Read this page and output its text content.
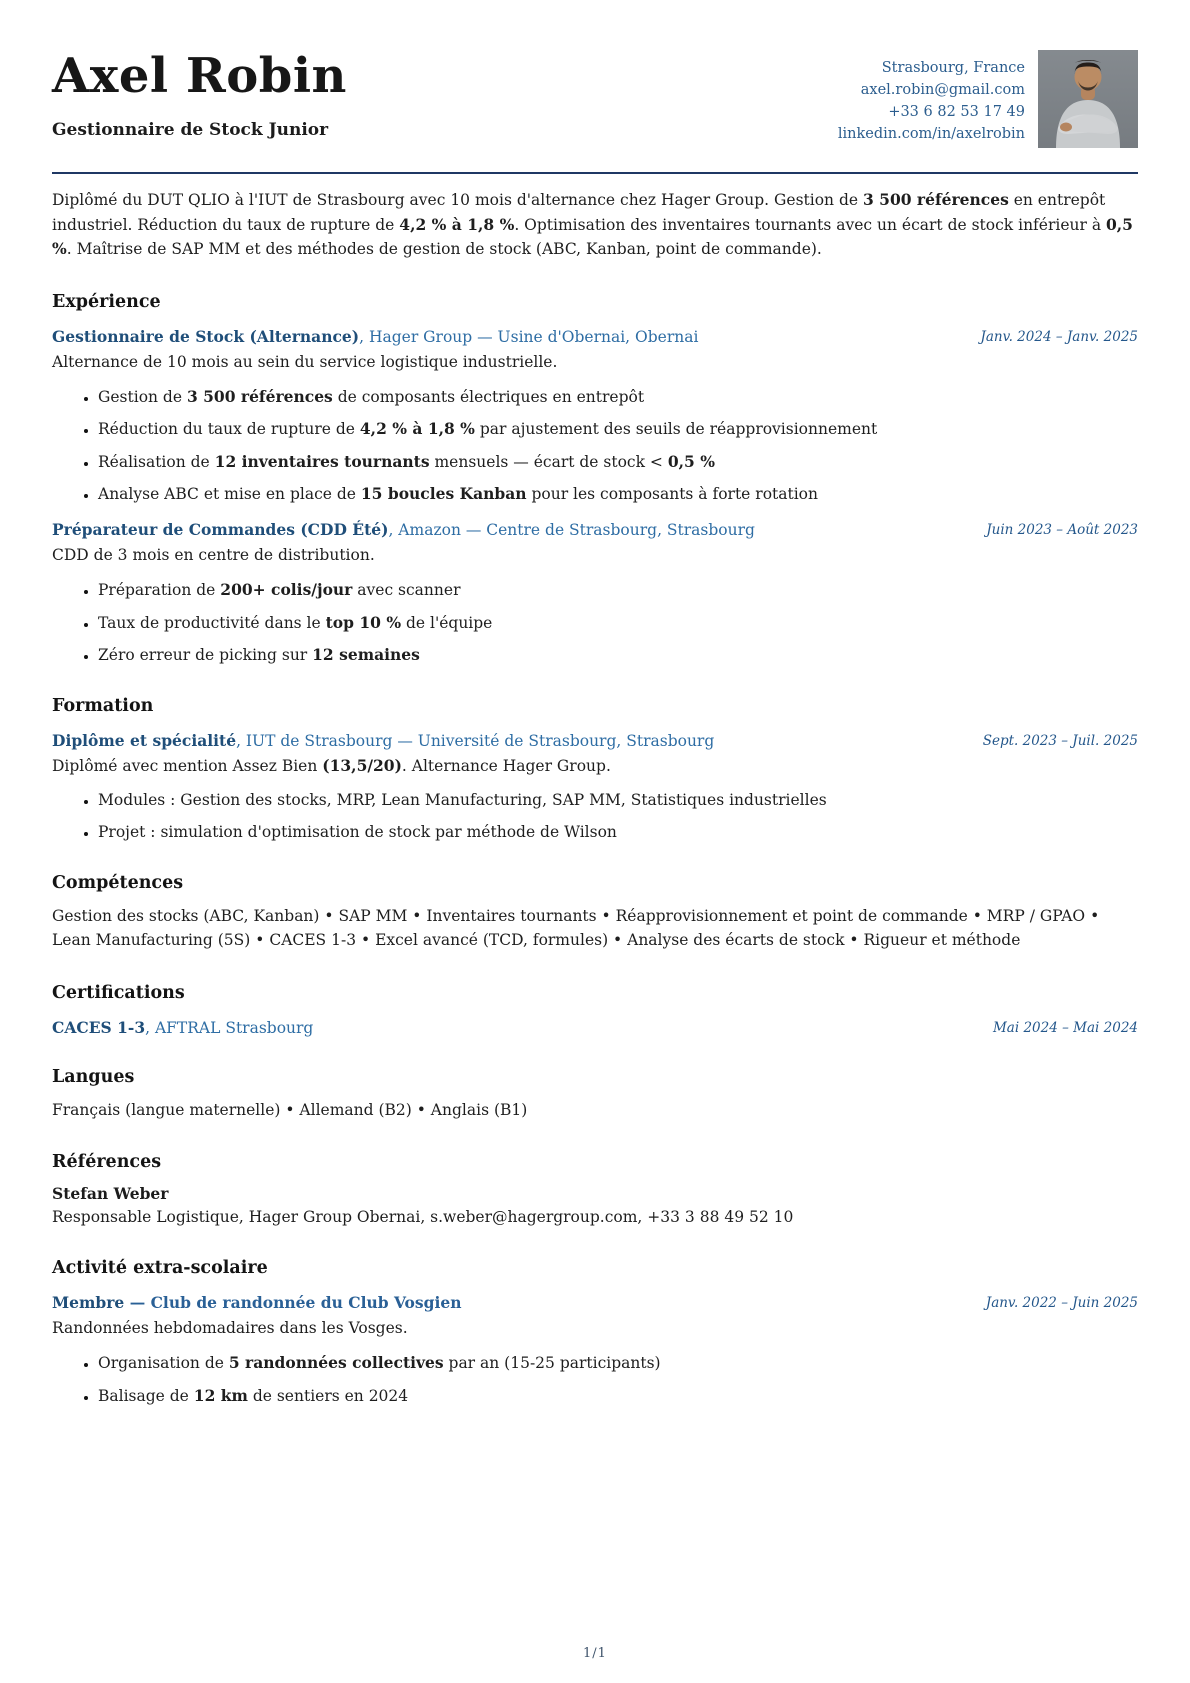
Axel Robin
Gestionnaire de Stock Junior
Strasbourg, France
axel.robin@gmail.com
+33 6 82 53 17 49
linkedin.com/in/axelrobin

Diplômé du DUT QLIO à l'IUT de Strasbourg avec 10 mois d'alternance chez Hager Group. Gestion de 3 500 références en entrepôt industriel. Réduction du taux de rupture de 4,2 % à 1,8 %. Optimisation des inventaires tournants avec un écart de stock inférieur à 0,5 %. Maîtrise de SAP MM et des méthodes de gestion de stock (ABC, Kanban, point de commande).

Expérience
Gestionnaire de Stock (Alternance), Hager Group — Usine d'Obernai, Obernai	Janv. 2024 – Janv. 2025
Alternance de 10 mois au sein du service logistique industrielle.
• Gestion de 3 500 références de composants électriques en entrepôt
• Réduction du taux de rupture de 4,2 % à 1,8 % par ajustement des seuils de réapprovisionnement
• Réalisation de 12 inventaires tournants mensuels — écart de stock < 0,5 %
• Analyse ABC et mise en place de 15 boucles Kanban pour les composants à forte rotation
Préparateur de Commandes (CDD Été), Amazon — Centre de Strasbourg, Strasbourg	Juin 2023 – Août 2023
CDD de 3 mois en centre de distribution.
• Préparation de 200+ colis/jour avec scanner
• Taux de productivité dans le top 10 % de l'équipe
• Zéro erreur de picking sur 12 semaines
Formation
Diplôme et spécialité, IUT de Strasbourg — Université de Strasbourg, Strasbourg	Sept. 2023 – Juil. 2025
Diplômé avec mention Assez Bien (13,5/20). Alternance Hager Group.
• Modules : Gestion des stocks, MRP, Lean Manufacturing, SAP MM, Statistiques industrielles
• Projet : simulation d'optimisation de stock par méthode de Wilson
Compétences

Gestion des stocks (ABC, Kanban) • SAP MM • Inventaires tournants • Réapprovisionnement et point de commande • MRP / GPAO • Lean Manufacturing (5S) • CACES 1-3 • Excel avancé (TCD, formules) • Analyse des écarts de stock • Rigueur et méthode

Certifications
CACES 1-3, AFTRAL Strasbourg	Mai 2024 – Mai 2024
Langues

Français (langue maternelle) • Allemand (B2) • Anglais (B1)

Références
Stefan Weber
Responsable Logistique, Hager Group Obernai, s.weber@hagergroup.com, +33 3 88 49 52 10
Activité extra-scolaire
Membre — Club de randonnée du Club Vosgien	Janv. 2022 – Juin 2025
Randonnées hebdomadaires dans les Vosges.
• Organisation de 5 randonnées collectives par an (15-25 participants)
• Balisage de 12 km de sentiers en 2024
1/1
